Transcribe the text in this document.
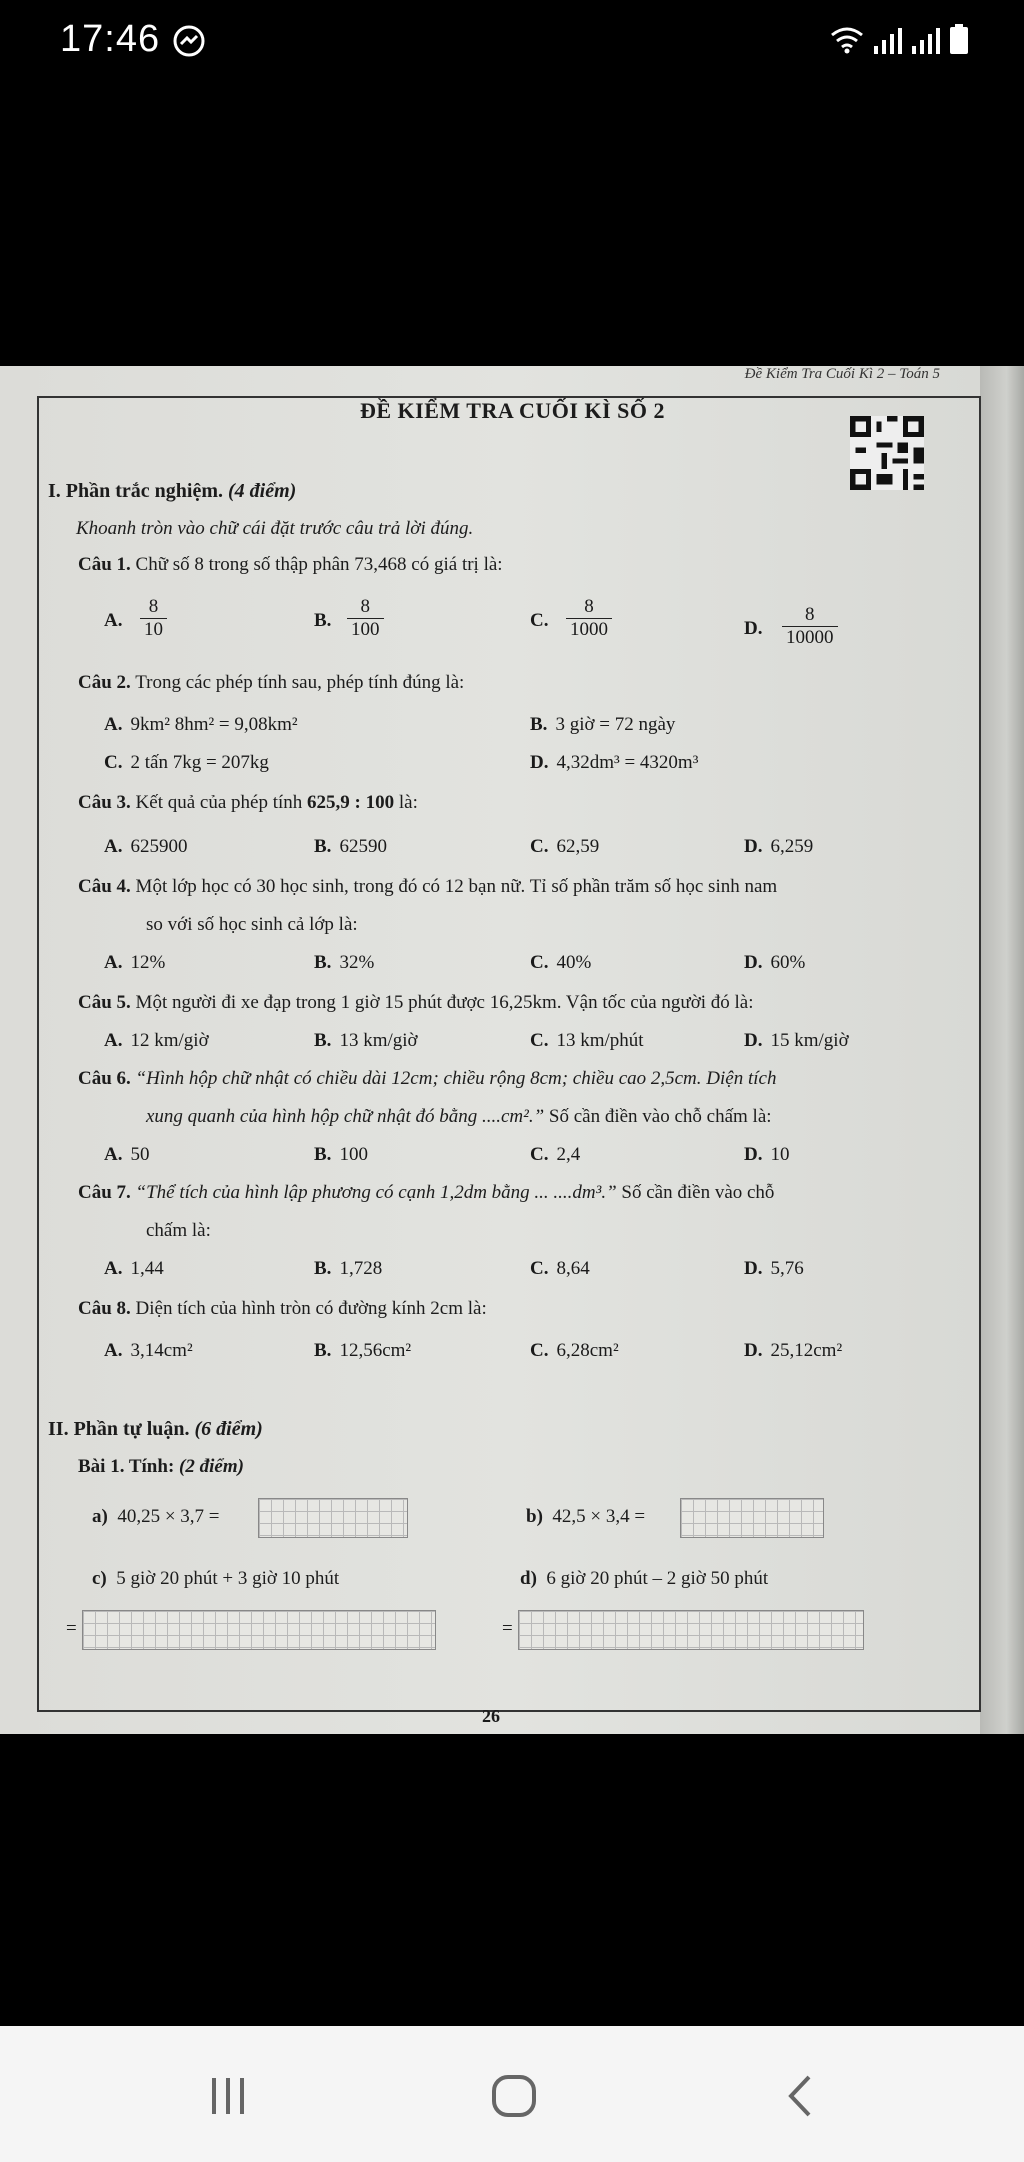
17:46
Đề Kiểm Tra Cuối Kì 2 – Toán 5
ĐỀ KIỂM TRA CUỐI KÌ SỐ 2
I. Phần trắc nghiệm. (4 điểm)
Khoanh tròn vào chữ cái đặt trước câu trả lời đúng.
Câu 1. Chữ số 8 trong số thập phân 73,468 có giá trị là:
A. $\frac{8}{10}$	B. $\frac{8}{100}$	C. $\frac{8}{1000}$	D.	$\frac{8}{10000}$
Câu 2. Trong các phép tính sau, phép tính đúng là:
A. 9km² 8hm² = 9,08km²	B. 3 giờ = 72 ngày
C. 2 tấn 7kg = 207kg	D. 4,32dm³ = 4320m³
Câu 3. Kết quả của phép tính 625,9 : 100 là:
A. 625900	B. 62590	C. 62,59	D. 6,259
Câu 4. Một lớp học có 30 học sinh, trong đó có 12 bạn nữ. Tỉ số phần trăm số học sinh nam
so với số học sinh cả lớp là:
A. 12%	B. 32%	C. 40%	D. 60%
Câu 5. Một người đi xe đạp trong 1 giờ 15 phút được 16,25km. Vận tốc của người đó là:
A. 12 km/giờ	B. 13 km/giờ	C. 13 km/phút	D. 15 km/giờ
Câu 6. “Hình hộp chữ nhật có chiều dài 12cm; chiều rộng 8cm; chiều cao 2,5cm. Diện tích
xung quanh của hình hộp chữ nhật đó bằng ....cm².” Số cần điền vào chỗ chấm là:
A. 50	B. 100	C. 2,4	D. 10
Câu 7. “Thể tích của hình lập phương có cạnh 1,2dm bằng ... ....dm³.” Số cần điền vào chỗ
chấm là:
A. 1,44	B. 1,728	C. 8,64	D. 5,76
Câu 8. Diện tích của hình tròn có đường kính 2cm là:
A. 3,14cm²	B. 12,56cm²	C. 6,28cm²	D. 25,12cm²
II. Phần tự luận. (6 điểm)
Bài 1. Tính: (2 điểm)
a) 40,25 × 3,7 =	b) 42,5 × 3,4 =
c) 5 giờ 20 phút + 3 giờ 10 phút	d) 6 giờ 20 phút – 2 giờ 50 phút
=	=
26
